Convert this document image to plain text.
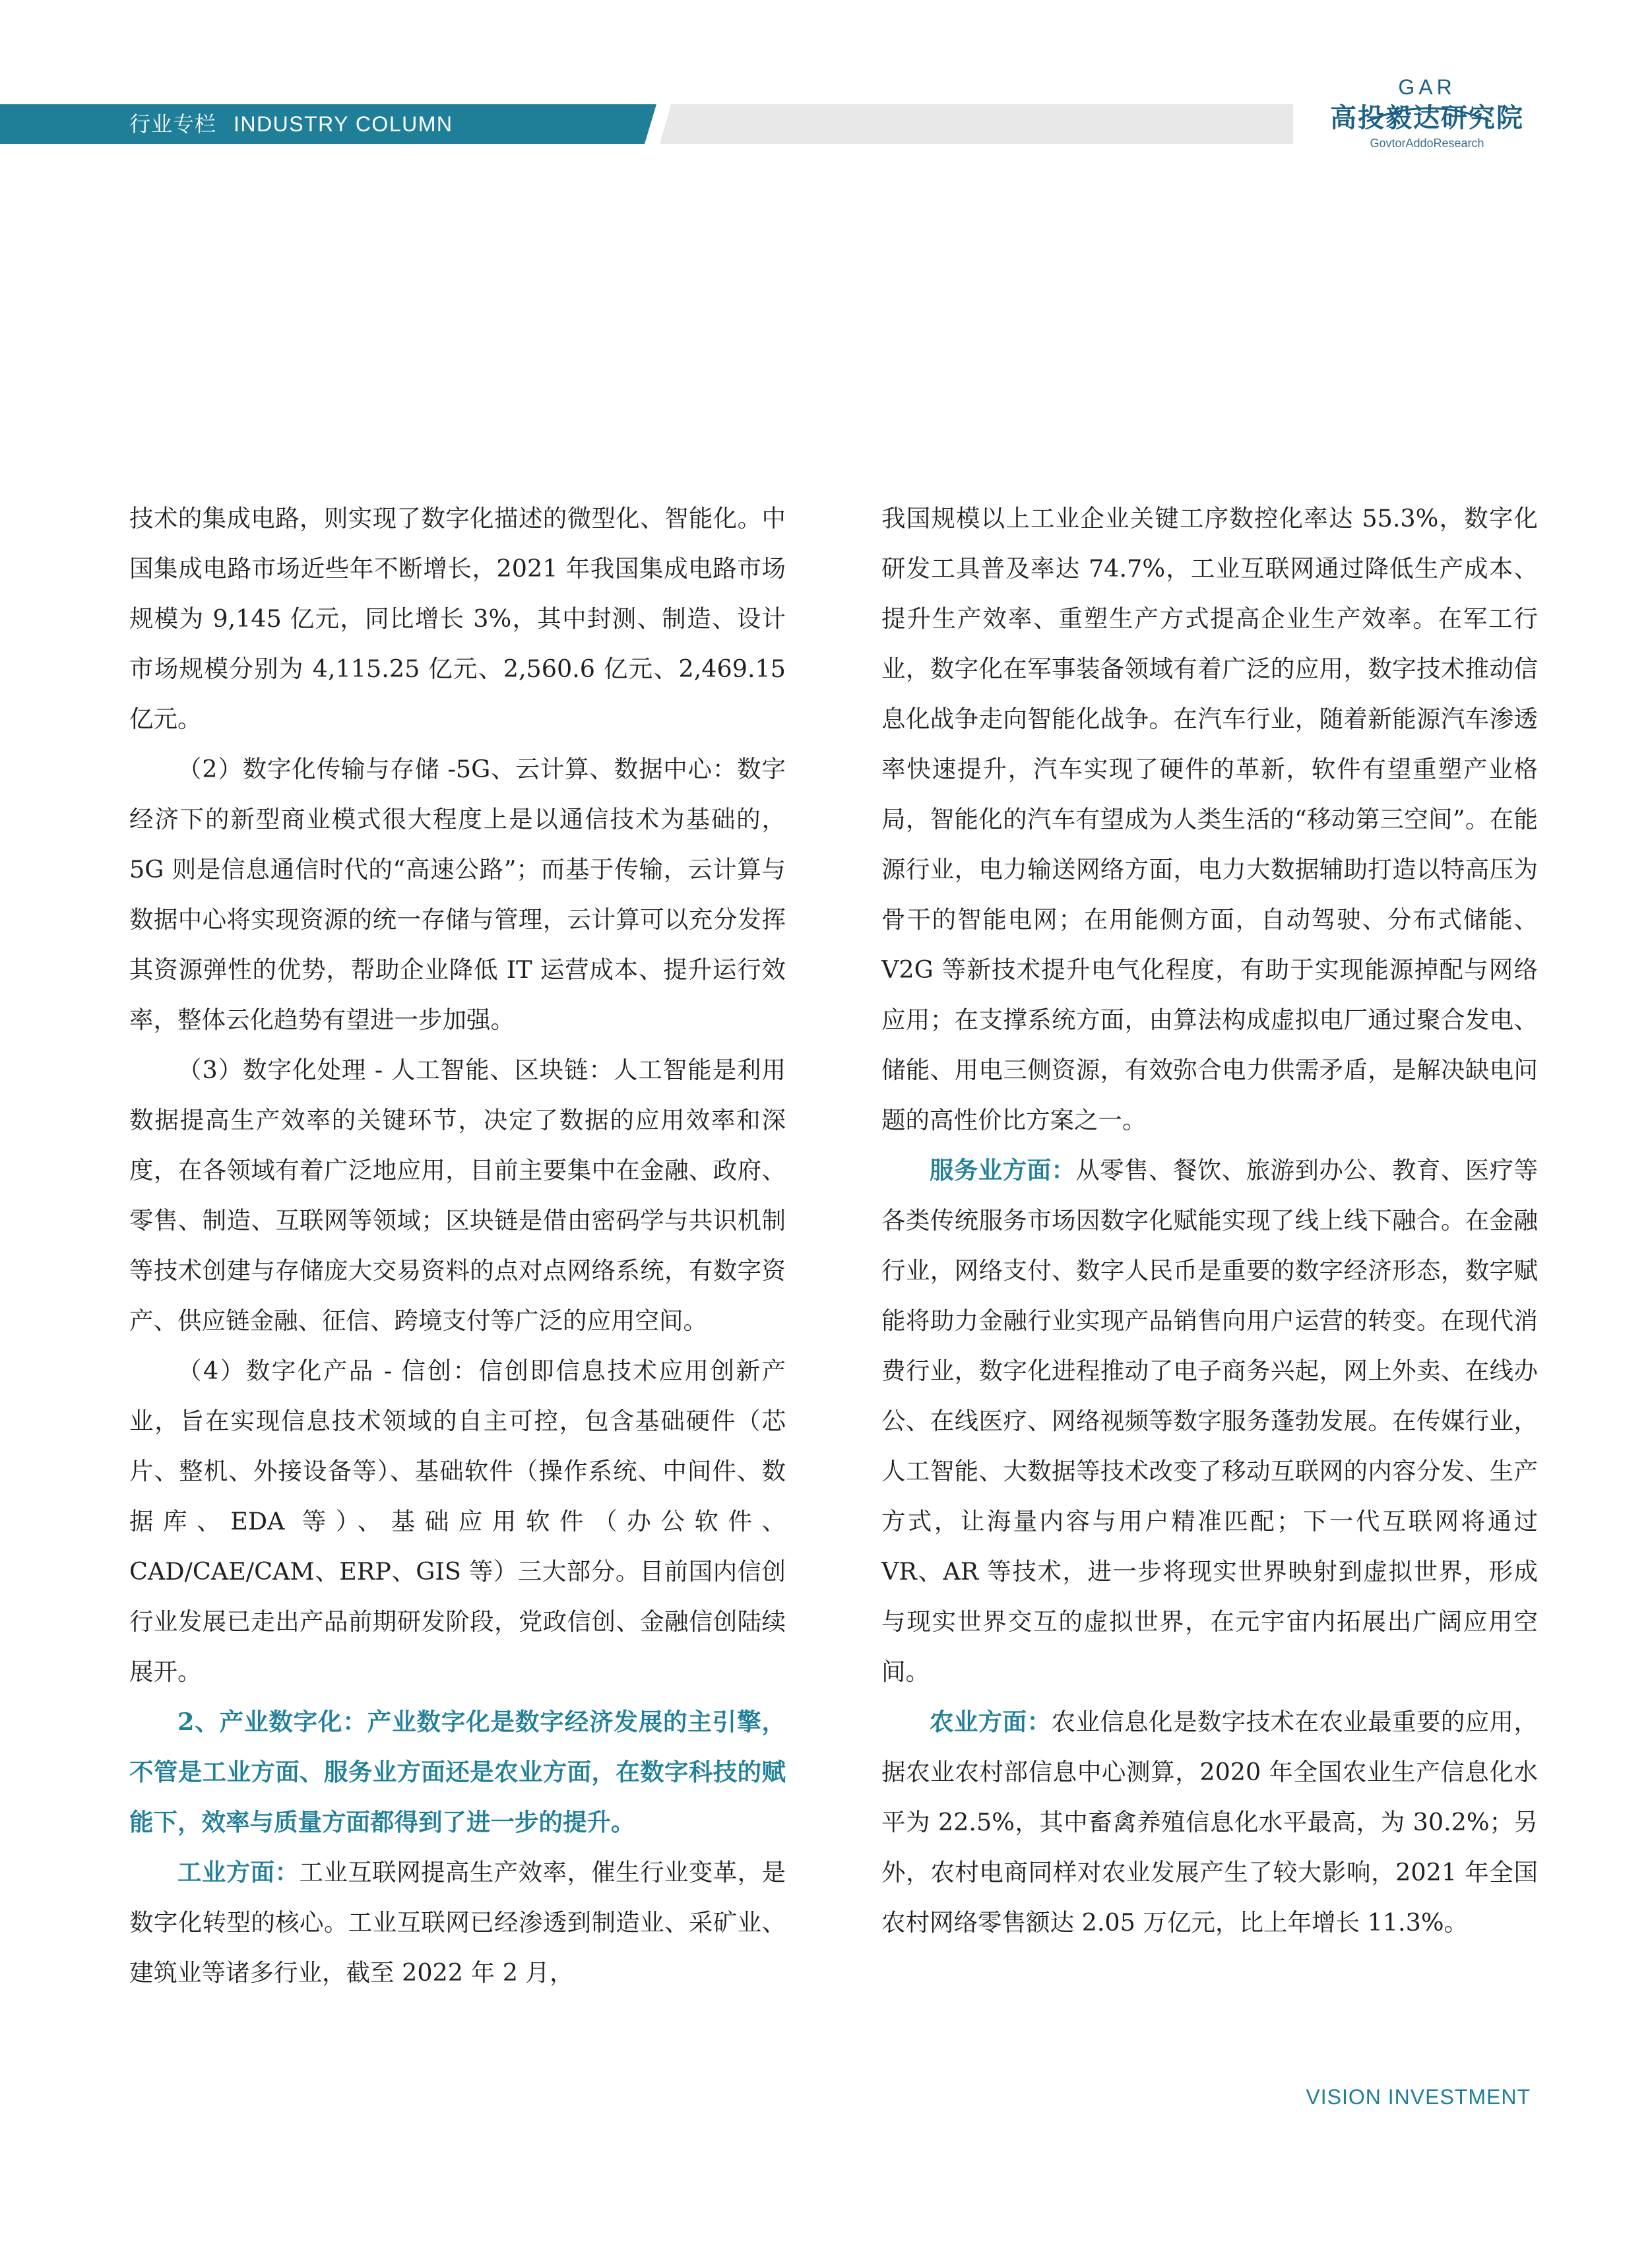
行业专栏 INDUSTRY COLUMN
GAR
高投毅达研究院
GovtorAddoResearch

技术的集成电路，则实现了数字化描述的微型化、智能化。中国集成电路市场近些年不断增长，2021 年我国集成电路市场规模为 9,145 亿元，同比增长 3%，其中封测、制造、设计市场规模分别为 4,115.25 亿元、2,560.6 亿元、2,469.15 亿元。

（2）数字化传输与存储 -5G、云计算、数据中心：数字经济下的新型商业模式很大程度上是以通信技术为基础的，5G 则是信息通信时代的“高速公路”；而基于传输，云计算与数据中心将实现资源的统一存储与管理，云计算可以充分发挥其资源弹性的优势，帮助企业降低 IT 运营成本、提升运行效率，整体云化趋势有望进一步加强。

（3）数字化处理 - 人工智能、区块链：人工智能是利用数据提高生产效率的关键环节，决定了数据的应用效率和深度，在各领域有着广泛地应用，目前主要集中在金融、政府、零售、制造、互联网等领域；区块链是借由密码学与共识机制等技术创建与存储庞大交易资料的点对点网络系统，有数字资产、供应链金融、征信、跨境支付等广泛的应用空间。

（4）数字化产品 - 信创：信创即信息技术应用创新产业，旨在实现信息技术领域的自主可控，包含基础硬件（芯片、整机、外接设备等）、基础软件（操作系统、中间件、数据库、EDA 等）、基础应用软件（办公软件、CAD/CAE/CAM、ERP、GIS 等）三大部分。目前国内信创行业发展已走出产品前期研发阶段，党政信创、金融信创陆续展开。

2、产业数字化：产业数字化是数字经济发展的主引擎，不管是工业方面、服务业方面还是农业方面，在数字科技的赋能下，效率与质量方面都得到了进一步的提升。

工业方面：工业互联网提高生产效率，催生行业变革，是数字化转型的核心。工业互联网已经渗透到制造业、采矿业、建筑业等诸多行业，截至 2022 年 2 月，

我国规模以上工业企业关键工序数控化率达 55.3%，数字化研发工具普及率达 74.7%，工业互联网通过降低生产成本、提升生产效率、重塑生产方式提高企业生产效率。在军工行业，数字化在军事装备领域有着广泛的应用，数字技术推动信息化战争走向智能化战争。在汽车行业，随着新能源汽车渗透率快速提升，汽车实现了硬件的革新，软件有望重塑产业格局，智能化的汽车有望成为人类生活的“移动第三空间”。在能源行业，电力输送网络方面，电力大数据辅助打造以特高压为骨干的智能电网；在用能侧方面，自动驾驶、分布式储能、V2G 等新技术提升电气化程度，有助于实现能源掉配与网络应用；在支撑系统方面，由算法构成虚拟电厂通过聚合发电、储能、用电三侧资源，有效弥合电力供需矛盾，是解决缺电问题的高性价比方案之一。

服务业方面：从零售、餐饮、旅游到办公、教育、医疗等各类传统服务市场因数字化赋能实现了线上线下融合。在金融行业，网络支付、数字人民币是重要的数字经济形态，数字赋能将助力金融行业实现产品销售向用户运营的转变。在现代消费行业，数字化进程推动了电子商务兴起，网上外卖、在线办公、在线医疗、网络视频等数字服务蓬勃发展。在传媒行业，人工智能、大数据等技术改变了移动互联网的内容分发、生产方式，让海量内容与用户精准匹配；下一代互联网将通过 VR、AR 等技术，进一步将现实世界映射到虚拟世界，形成与现实世界交互的虚拟世界，在元宇宙内拓展出广阔应用空间。

农业方面：农业信息化是数字技术在农业最重要的应用，据农业农村部信息中心测算，2020 年全国农业生产信息化水平为 22.5%，其中畜禽养殖信息化水平最高，为 30.2%；另外，农村电商同样对农业发展产生了较大影响，2021 年全国农村网络零售额达 2.05 万亿元，比上年增长 11.3%。

VISION INVESTMENT
